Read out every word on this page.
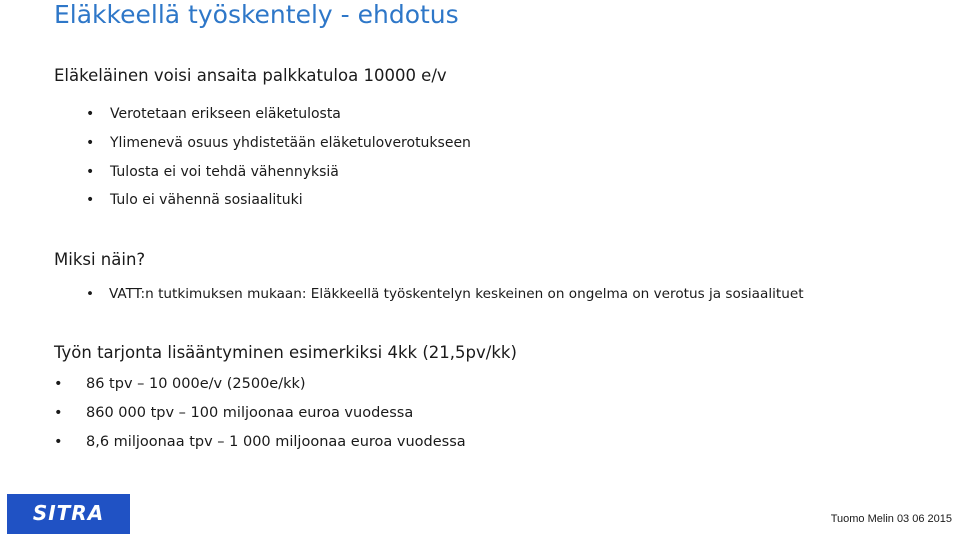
Eläkkeellä työskentely - ehdotus
Eläkeläinen voisi ansaita palkkatuloa 10000 e/v
• Verotetaan erikseen eläketulosta
• Ylimenevä osuus yhdistetään eläketuloverotukseen
• Tulosta ei voi tehdä vähennyksiä
• Tulo ei vähennä sosiaalituki
Miksi näin?
• VATT:n tutkimuksen mukaan: Eläkkeellä työskentelyn keskeinen on ongelma on verotus ja sosiaalituet
Työn tarjonta lisääntyminen esimerkiksi 4kk (21,5pv/kk)
• 86 tpv – 10 000e/v (2500e/kk)
• 860 000 tpv – 100 miljoonaa euroa vuodessa
• 8,6 miljoonaa tpv – 1 000 miljoonaa euroa vuodessa
SITRA	Tuomo Melin 03 06 2015
